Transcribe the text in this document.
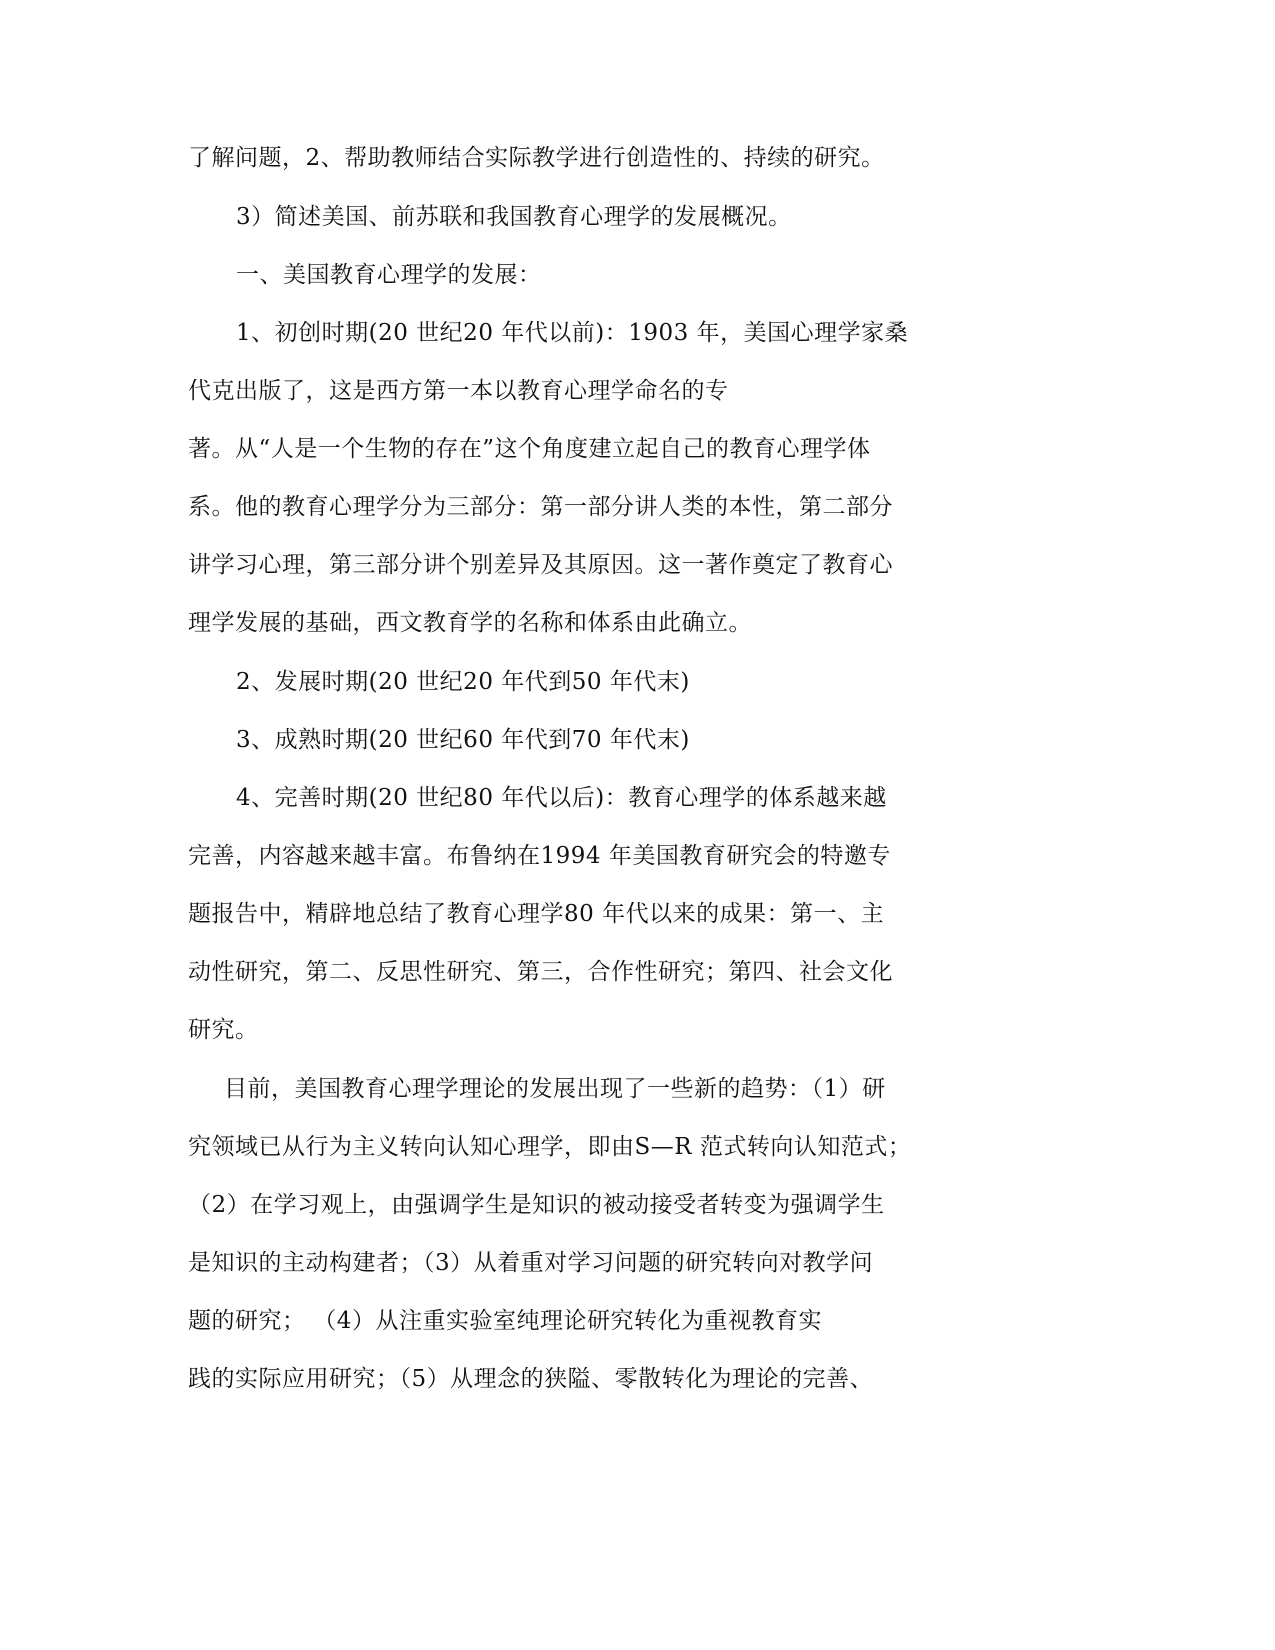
了解问题，2、帮助教师结合实际教学进行创造性的、持续的研究。
3）简述美国、前苏联和我国教育心理学的发展概况。
一、美国教育心理学的发展：
1、初创时期(20 世纪20 年代以前)：1903 年，美国心理学家桑
代克出版了，这是西方第一本以教育心理学命名的专
著。从“人是一个生物的存在”这个角度建立起自己的教育心理学体
系。他的教育心理学分为三部分：第一部分讲人类的本性，第二部分
讲学习心理，第三部分讲个别差异及其原因。这一著作奠定了教育心
理学发展的基础，西文教育学的名称和体系由此确立。
2、发展时期(20 世纪20 年代到50 年代末)
3、成熟时期(20 世纪60 年代到70 年代末)
4、完善时期(20 世纪80 年代以后)：教育心理学的体系越来越
完善，内容越来越丰富。布鲁纳在1994 年美国教育研究会的特邀专
题报告中，精辟地总结了教育心理学80 年代以来的成果：第一、主
动性研究，第二、反思性研究、第三，合作性研究；第四、社会文化
研究。
目前，美国教育心理学理论的发展出现了一些新的趋势：（1）研
究领域已从行为主义转向认知心理学，即由S—R 范式转向认知范式；
（2）在学习观上，由强调学生是知识的被动接受者转变为强调学生
是知识的主动构建者；（3）从着重对学习问题的研究转向对教学问
题的研究； （4）从注重实验室纯理论研究转化为重视教育实
践的实际应用研究；（5）从理念的狭隘、零散转化为理论的完善、
